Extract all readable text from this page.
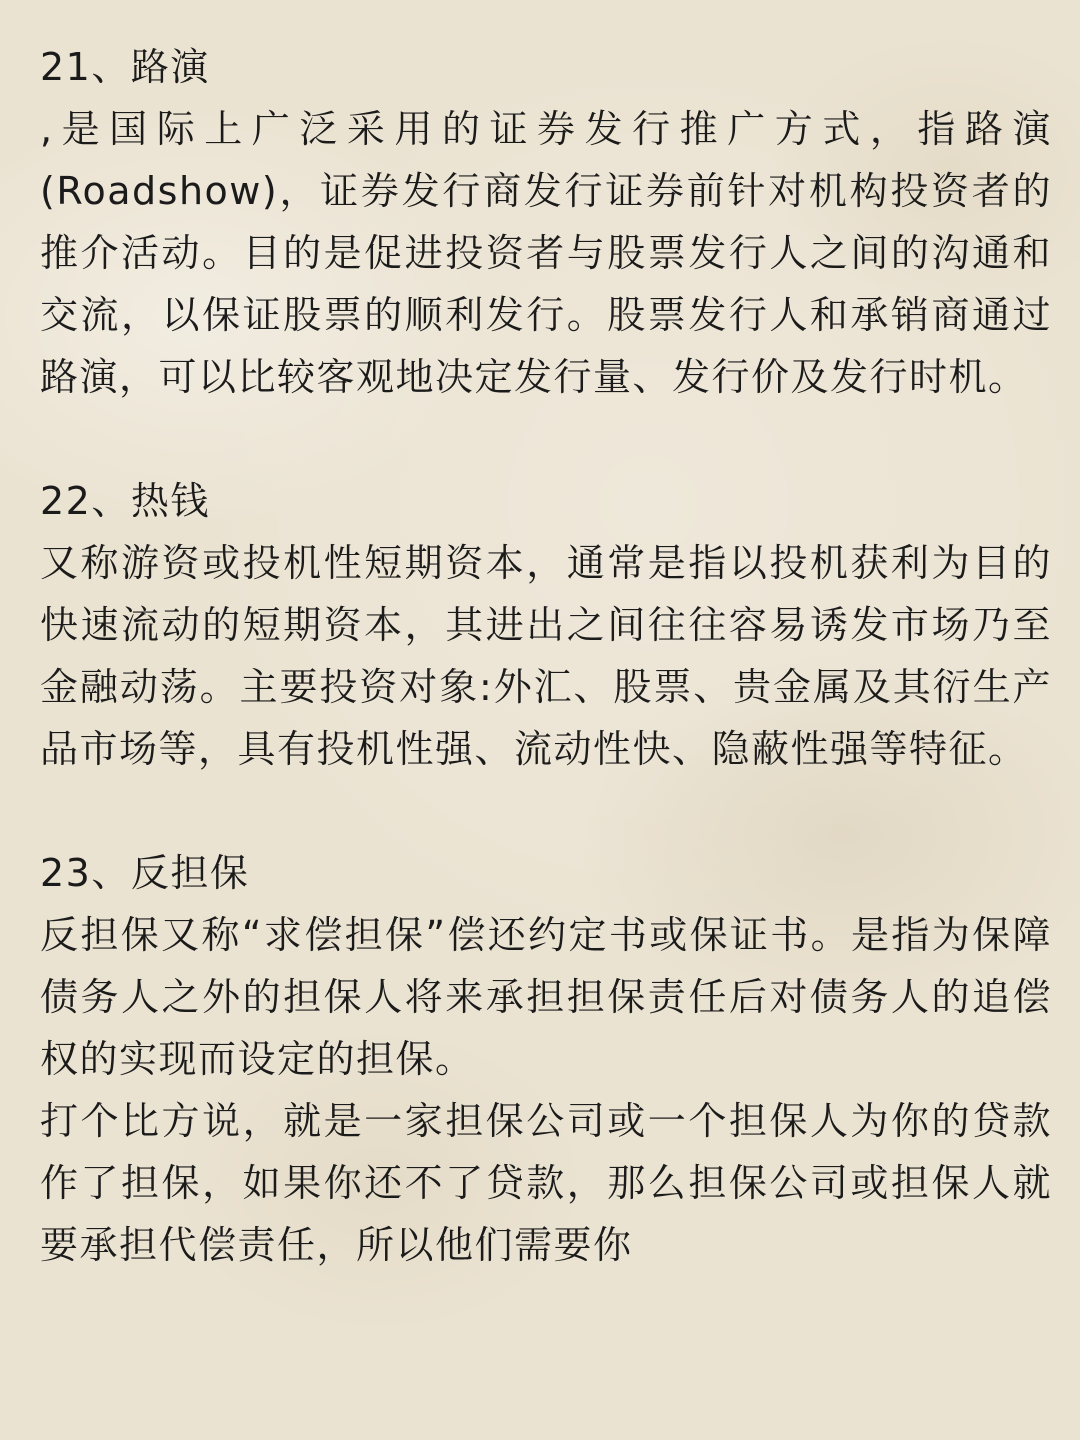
21、路演

,是国际上广泛采用的证券发行推广方式，指路演(Roadshow)，证券发行商发行证券前针对机构投资者的推介活动。目的是促进投资者与股票发行人之间的沟通和交流，以保证股票的顺利发行。股票发行人和承销商通过路演，可以比较客观地决定发行量、发行价及发行时机。

22、热钱

又称游资或投机性短期资本，通常是指以投机获利为目的快速流动的短期资本，其进出之间往往容易诱发市场乃至金融动荡。主要投资对象:外汇、股票、贵金属及其衍生产品市场等，具有投机性强、流动性快、隐蔽性强等特征。

23、反担保

反担保又称“求偿担保”偿还约定书或保证书。是指为保障债务人之外的担保人将来承担担保责任后对债务人的追偿权的实现而设定的担保。

打个比方说，就是一家担保公司或一个担保人为你的贷款作了担保，如果你还不了贷款，那么担保公司或担保人就要承担代偿责任，所以他们需要你
